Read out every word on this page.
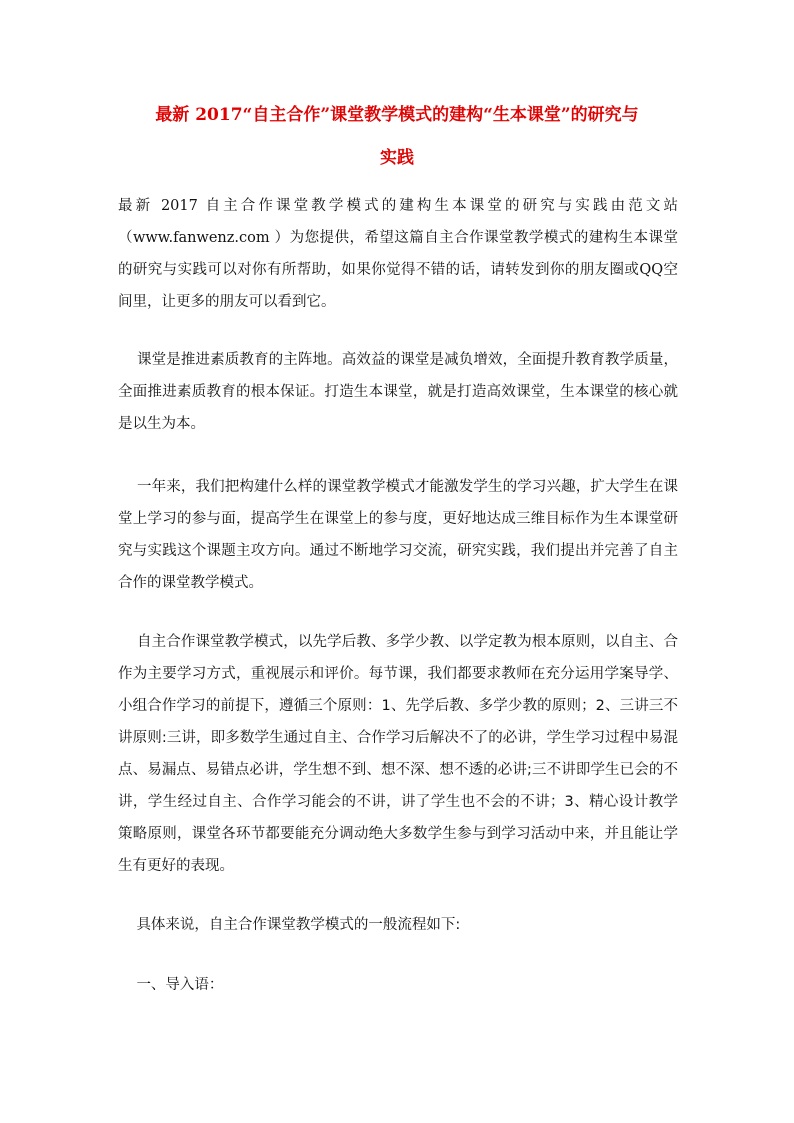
最新 2017“自主合作”课堂教学模式的建构“生本课堂”的研究与
实践
最新 2017 自主合作课堂教学模式的建构生本课堂的研究与实践由范文站（www.fanwenz.com ）为您提供，希望这篇自主合作课堂教学模式的建构生本课堂的研究与实践可以对你有所帮助，如果你觉得不错的话，请转发到你的朋友圈或QQ空间里，让更多的朋友可以看到它。
课堂是推进素质教育的主阵地。高效益的课堂是减负增效，全面提升教育教学质量，全面推进素质教育的根本保证。打造生本课堂，就是打造高效课堂，生本课堂的核心就是以生为本。
一年来，我们把构建什么样的课堂教学模式才能激发学生的学习兴趣，扩大学生在课堂上学习的参与面，提高学生在课堂上的参与度，更好地达成三维目标作为生本课堂研究与实践这个课题主攻方向。通过不断地学习交流，研究实践，我们提出并完善了自主合作的课堂教学模式。
自主合作课堂教学模式，以先学后教、多学少教、以学定教为根本原则，以自主、合作为主要学习方式，重视展示和评价。每节课，我们都要求教师在充分运用学案导学、小组合作学习的前提下，遵循三个原则：1、先学后教、多学少教的原则；2、三讲三不讲原则:三讲，即多数学生通过自主、合作学习后解决不了的必讲，学生学习过程中易混点、易漏点、易错点必讲，学生想不到、想不深、想不透的必讲;三不讲即学生已会的不讲，学生经过自主、合作学习能会的不讲，讲了学生也不会的不讲；3、精心设计教学策略原则，课堂各环节都要能充分调动绝大多数学生参与到学习活动中来，并且能让学生有更好的表现。
具体来说，自主合作课堂教学模式的一般流程如下:
一、导入语：
